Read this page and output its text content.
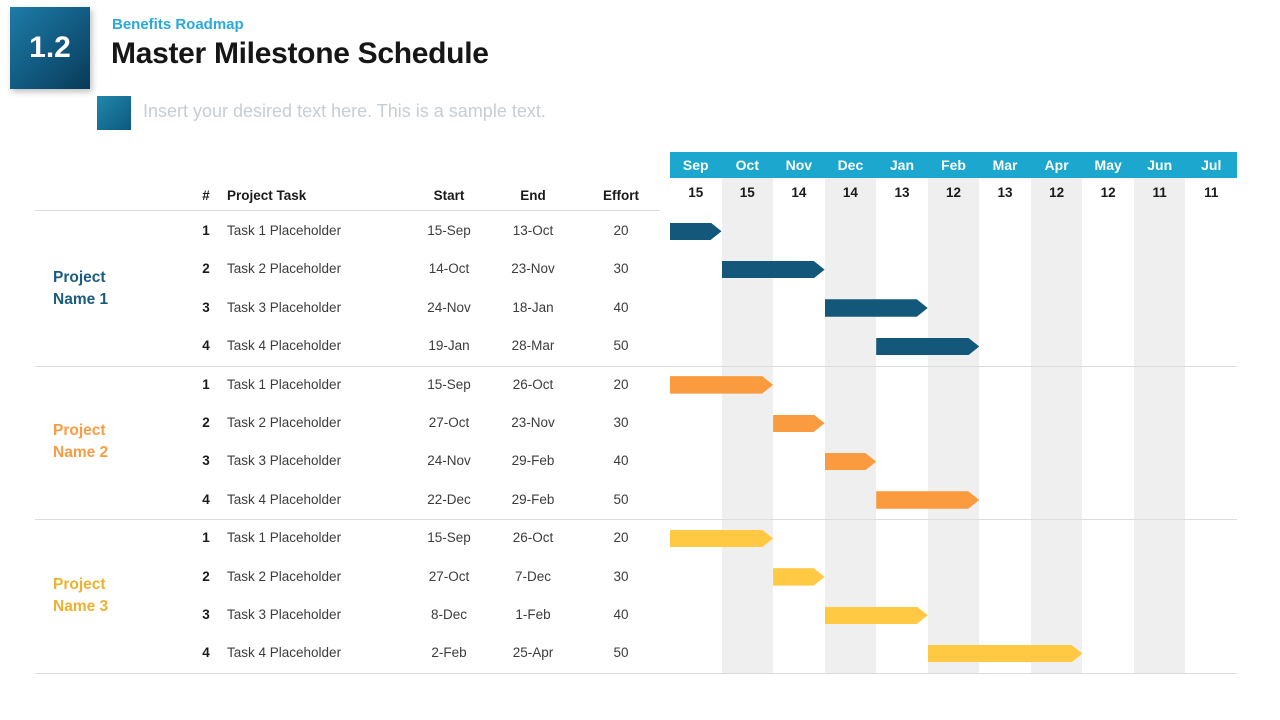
1.2
Benefits Roadmap
Master Milestone Schedule
Insert your desired text here. This is a sample text.
Sep	Oct	Nov	Dec	Jan	Feb	Mar	Apr	May	Jun	Jul
15	15	14	14	13	12	13	12	12	11	11
#	Project Task	Start	End	Effort
Project Name 1
Project Name 2
Project Name 3
1	Task 1 Placeholder	15-Sep	13-Oct	20
2	Task 2 Placeholder	14-Oct	23-Nov	30
3	Task 3 Placeholder	24-Nov	18-Jan	40
4	Task 4 Placeholder	19-Jan	28-Mar	50
1	Task 1 Placeholder	15-Sep	26-Oct	20
2	Task 2 Placeholder	27-Oct	23-Nov	30
3	Task 3 Placeholder	24-Nov	29-Feb	40
4	Task 4 Placeholder	22-Dec	29-Feb	50
1	Task 1 Placeholder	15-Sep	26-Oct	20
2	Task 2 Placeholder	27-Oct	7-Dec	30
3	Task 3 Placeholder	8-Dec	1-Feb	40
4	Task 4 Placeholder	2-Feb	25-Apr	50
